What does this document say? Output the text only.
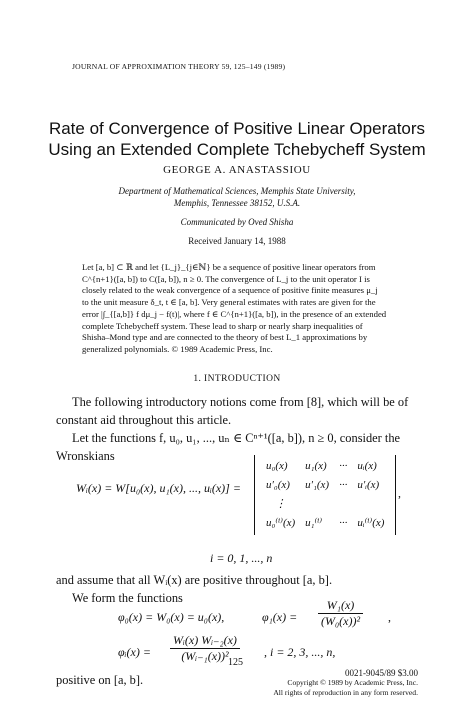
JOURNAL OF APPROXIMATION THEORY 59, 125–149 (1989)
Rate of Convergence of Positive Linear Operators
Using an Extended Complete Tchebycheff System
GEORGE A. ANASTASSIOU
Department of Mathematical Sciences, Memphis State University,
Memphis, Tennessee 38152, U.S.A.
Communicated by Oved Shisha
Received January 14, 1988
Let [a, b] ⊂ ℝ and let {L_j}_{j∈ℕ} be a sequence of positive linear operators from
C^{n+1}([a, b]) to C([a, b]), n ≥ 0. The convergence of L_j to the unit operator I is
closely related to the weak convergence of a sequence of positive finite measures μ_j
to the unit measure δ_t, t ∈ [a, b]. Very general estimates with rates are given for the
error |∫_{[a,b]} f dμ_j − f(t)|, where f ∈ C^{n+1}([a, b]), in the presence of an extended
complete Tchebycheff system. These lead to sharp or nearly sharp inequalities of
Shisha–Mond type and are connected to the theory of best L_1 approximations by
generalized polynomials. © 1989 Academic Press, Inc.
1. INTRODUCTION
The following introductory notions come from [8], which will be of
constant aid throughout this article.
Let the functions f, u₀, u₁, ..., uₙ ∈ Cⁿ⁺¹([a, b]), n ≥ 0, consider the
Wronskians
Wᵢ(x) = W[u₀(x), u₁(x), ..., uᵢ(x)] =
u₀(x)	u₁(x)	···	uᵢ(x)
u′₀(x)	u′₁(x)	···	u′ᵢ(x)
⋮			
u₀⁽ⁱ⁾(x)	u₁⁽ⁱ⁾	···	uᵢ⁽ⁱ⁾(x)
,
i = 0, 1, ..., n
and assume that all Wᵢ(x) are positive throughout [a, b].
We form the functions
φ₀(x) = W₀(x) = u₀(x),	$\varphi_1(x) = \frac{\text{W₁(x)}}{\text{(W₀(x))²}}$ ,
φᵢ(x) = $\frac{\text{Wᵢ(x) Wᵢ₋₂(x)}}{\text{(Wᵢ₋₁(x))²}}$ , i = 2, 3, ..., n,
positive on [a, b].
125
0021-9045/89 $3.00
Copyright © 1989 by Academic Press, Inc.
All rights of reproduction in any form reserved.
